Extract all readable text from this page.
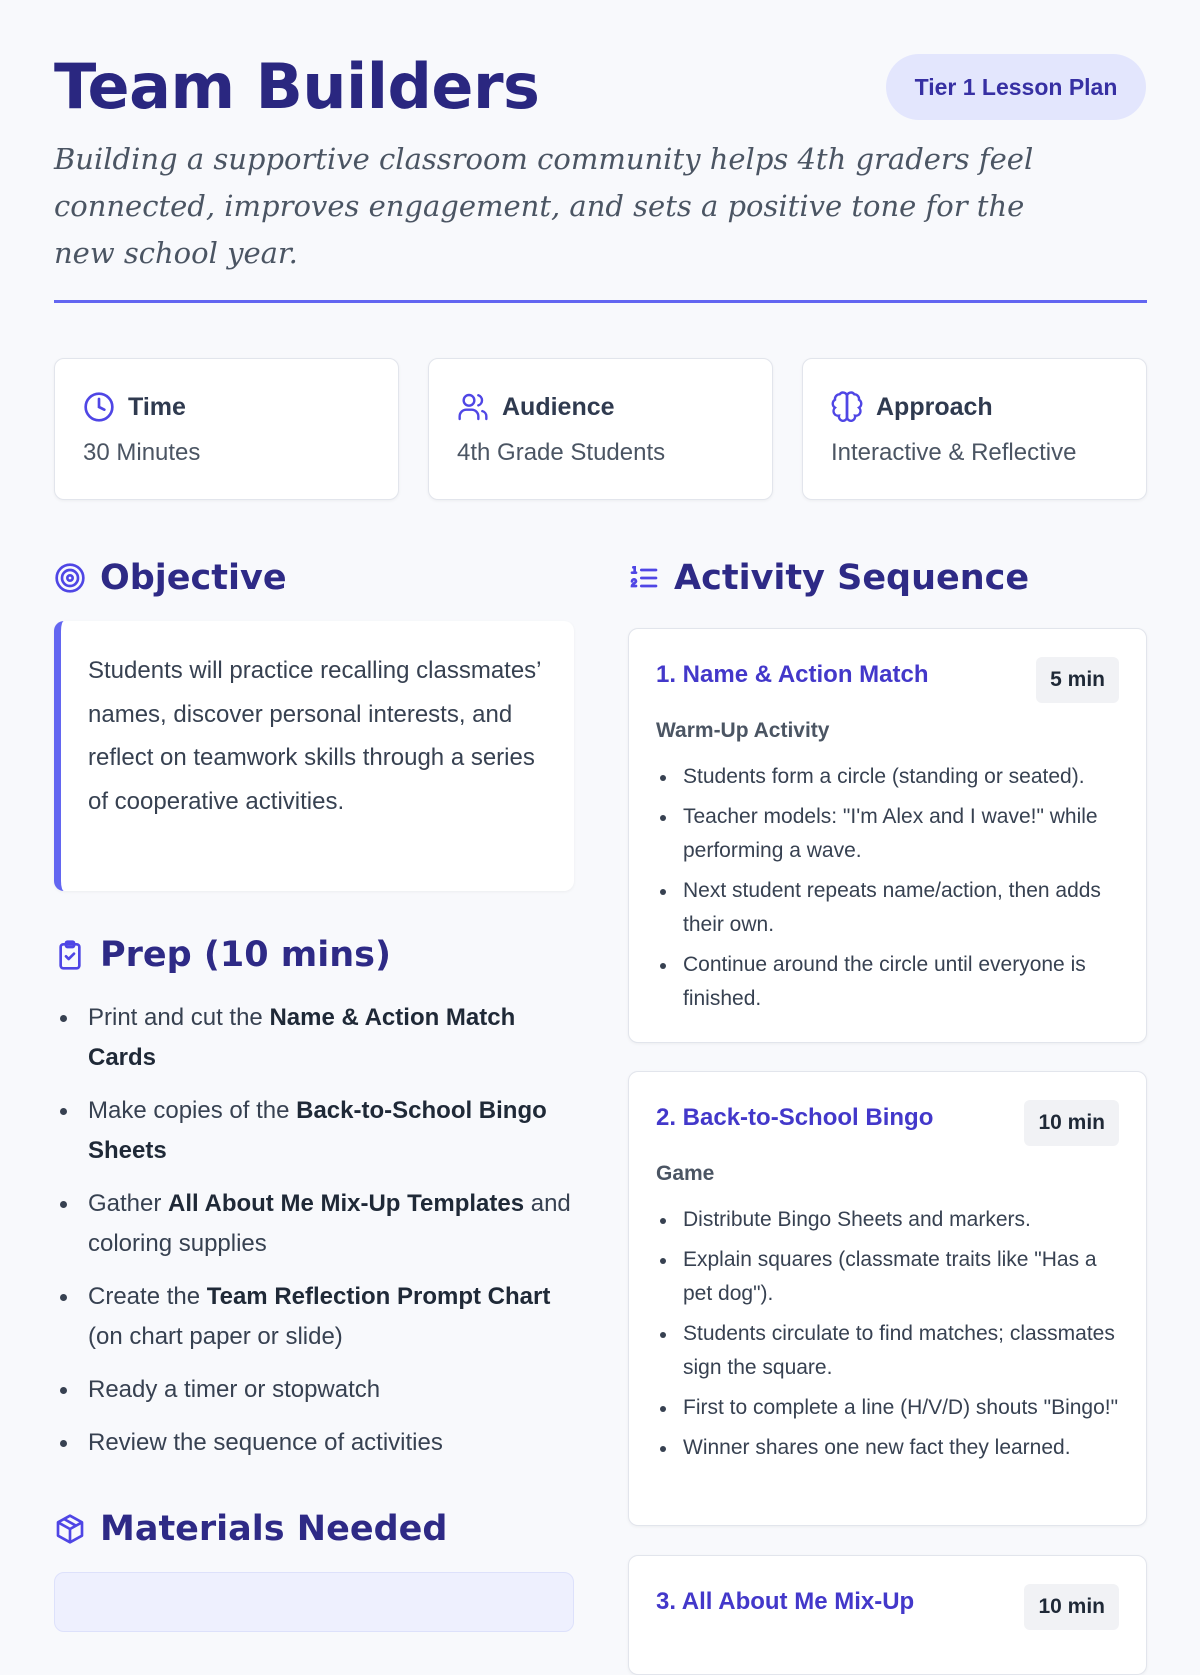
Team Builders	Tier 1 Lesson Plan
Building a supportive classroom community helps 4th graders feel connected, improves engagement, and sets a positive tone for the new school year.
Time
30 Minutes
Audience
4th Grade Students
Approach
Interactive & Reflective
Objective
Students will practice recalling classmates’ names, discover personal interests, and reflect on teamwork skills through a series of cooperative activities.
Prep (10 mins)
Print and cut the Name & Action Match Cards
Make copies of the Back-to-School Bingo Sheets
Gather All About Me Mix-Up Templates and coloring supplies
Create the Team Reflection Prompt Chart (on chart paper or slide)
Ready a timer or stopwatch
Review the sequence of activities
Materials Needed
Activity Sequence
1. Name & Action Match	5 min
Warm-Up Activity
Students form a circle (standing or seated).
Teacher models: "I'm Alex and I wave!" while performing a wave.
Next student repeats name/action, then adds their own.
Continue around the circle until everyone is finished.
2. Back-to-School Bingo	10 min
Game
Distribute Bingo Sheets and markers.
Explain squares (classmate traits like "Has a pet dog").
Students circulate to find matches; classmates sign the square.
First to complete a line (H/V/D) shouts "Bingo!"
Winner shares one new fact they learned.
3. All About Me Mix-Up	10 min
